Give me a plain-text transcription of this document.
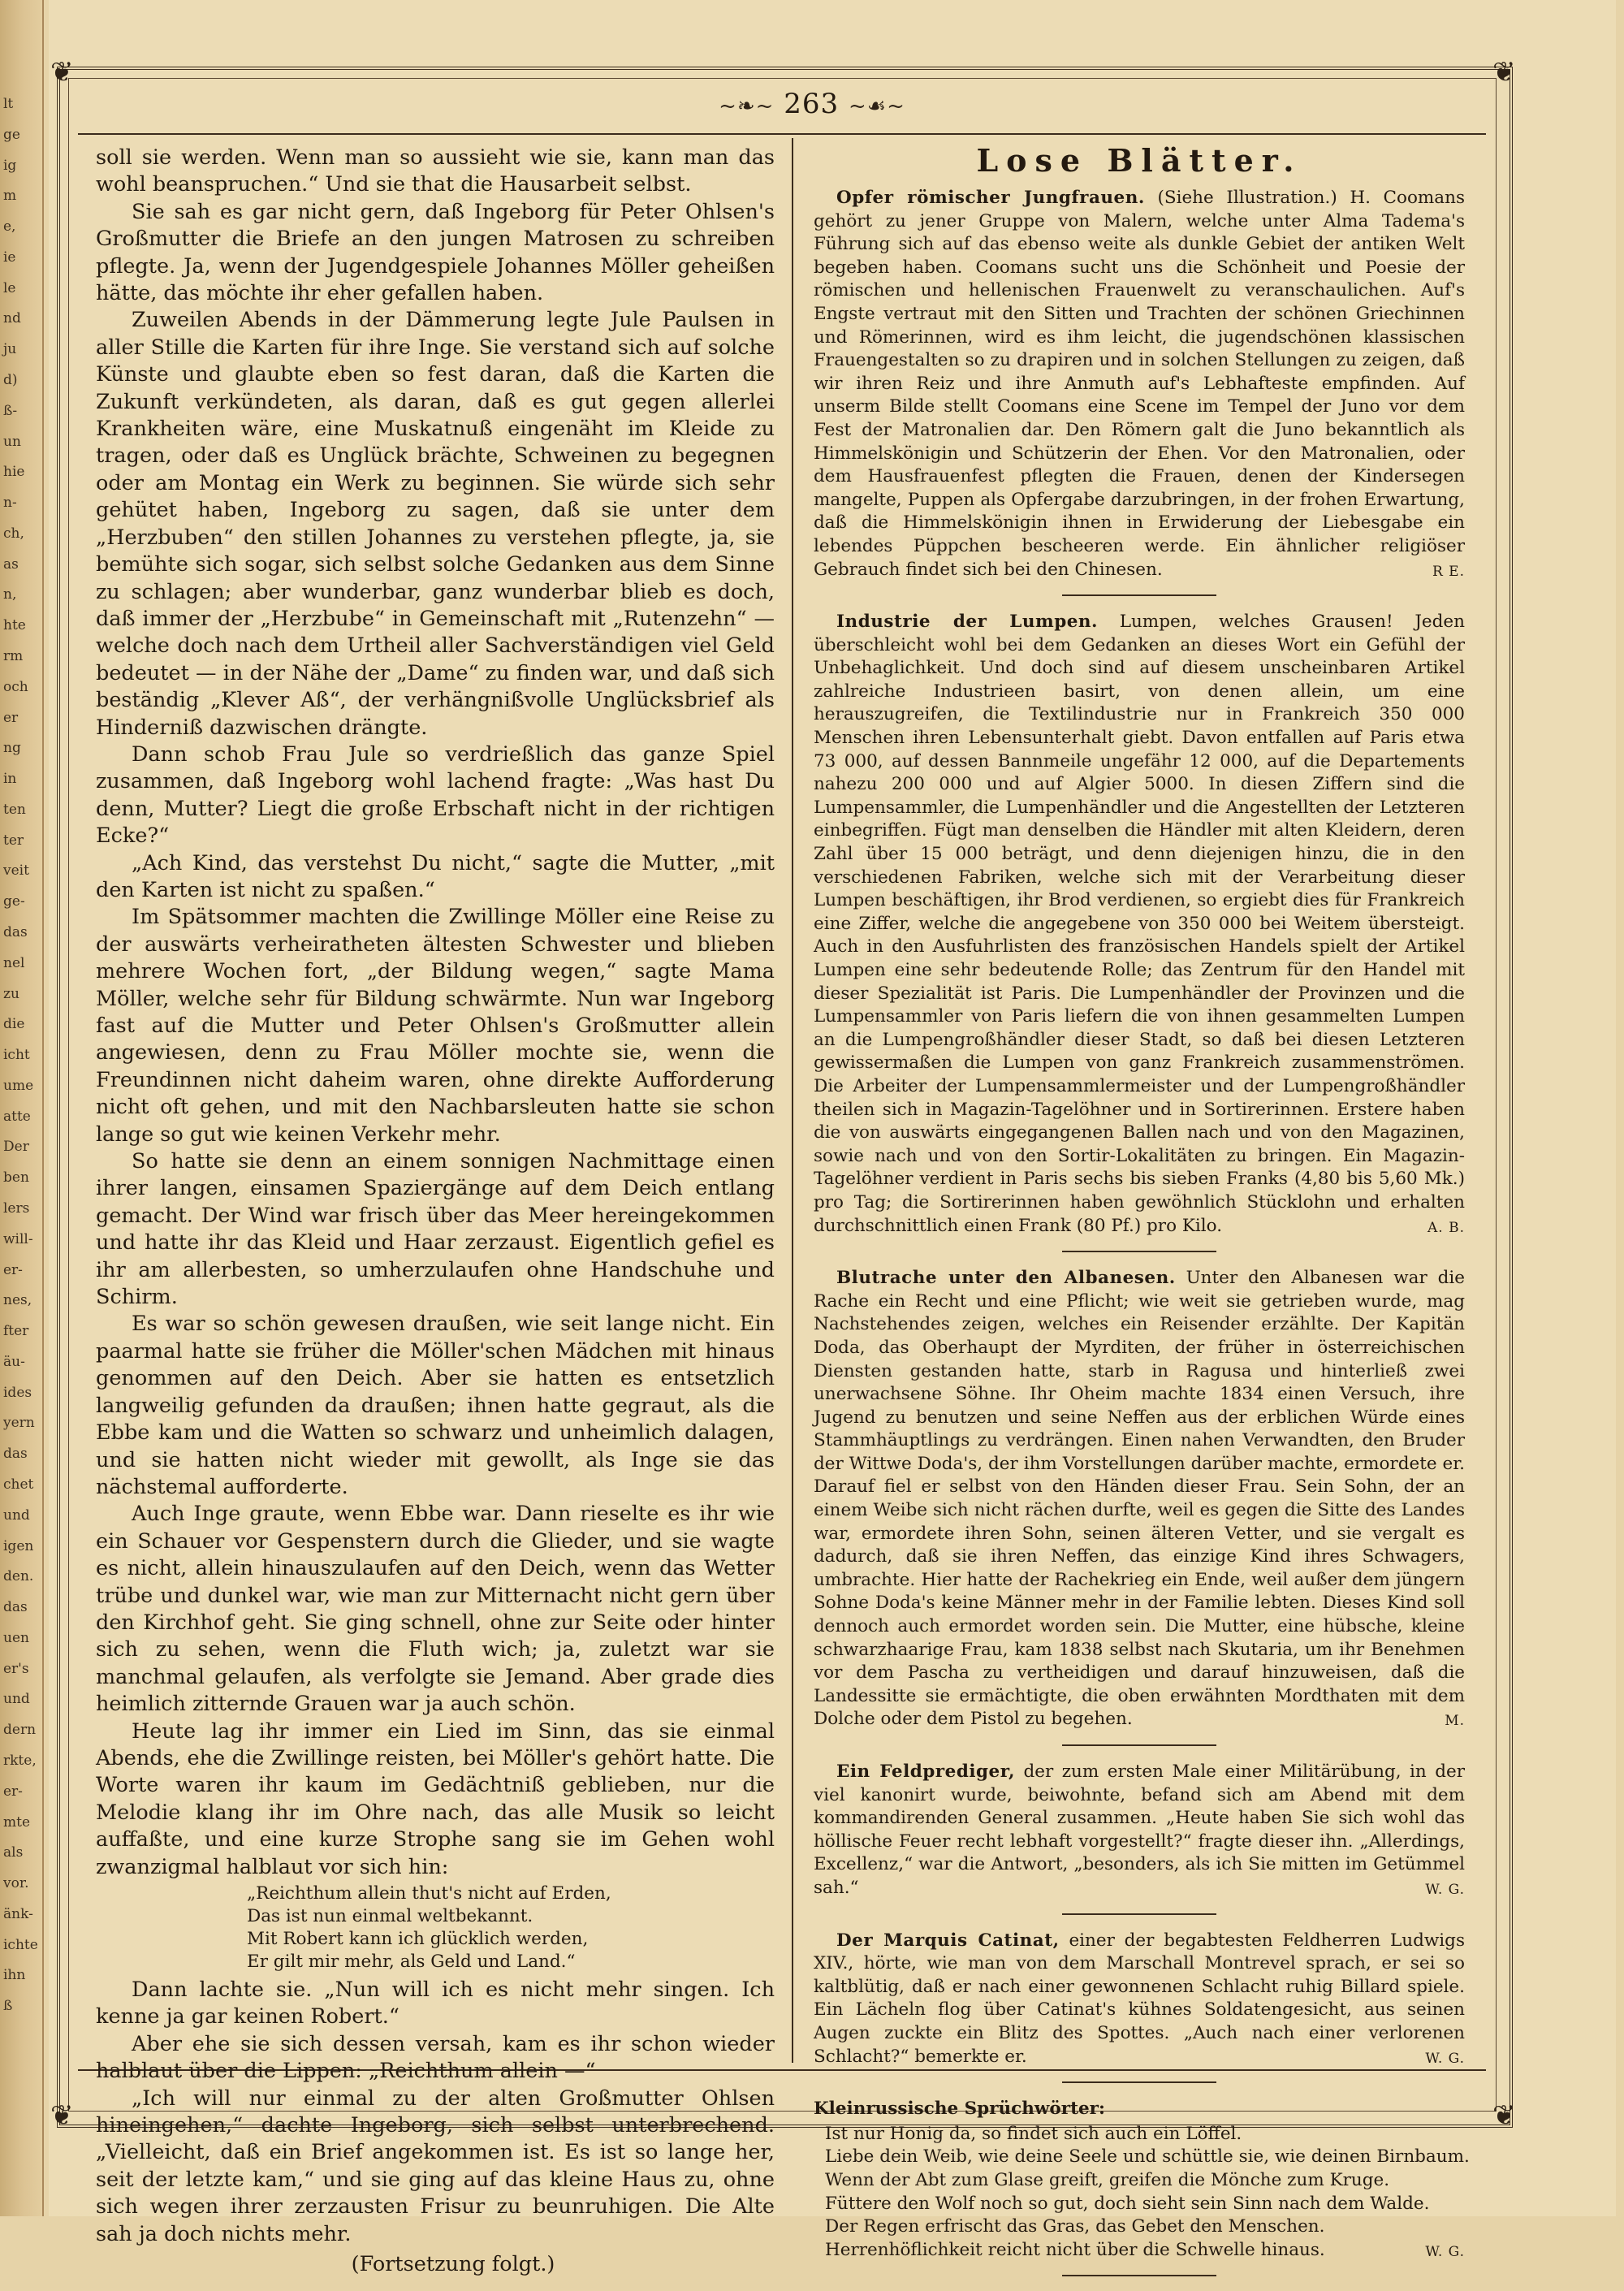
lt
ge
ig
m
e,
ie
le
nd
ju
d)
ß-
un
hie
n-
ch,
as
n,
hte
rm
och
er
ng
in
ten
ter
veit
ge-
das
nel
zu
die
icht
ume
atte
Der
ben
lers
will-
er-
nes,
fter
äu-
ides
yern
das
chet
und
igen
den.
das
uen
er's
und
dern
rkte,
er-
mte
als
vor.
änk-
ichte
ihn
ß
❦	❦
❦	❦
~❧~ 263 ~☙~

soll sie werden. Wenn man so aussieht wie sie, kann man das wohl beanspruchen.“ Und sie that die Hausarbeit selbst.

Sie sah es gar nicht gern, daß Ingeborg für Peter Ohlsen's Großmutter die Briefe an den jungen Matrosen zu schreiben pflegte. Ja, wenn der Jugendgespiele Johannes Möller geheißen hätte, das möchte ihr eher gefallen haben.

Zuweilen Abends in der Dämmerung legte Jule Paulsen in aller Stille die Karten für ihre Inge. Sie verstand sich auf solche Künste und glaubte eben so fest daran, daß die Karten die Zukunft verkündeten, als daran, daß es gut gegen allerlei Krankheiten wäre, eine Muskatnuß eingenäht im Kleide zu tragen, oder daß es Unglück brächte, Schweinen zu begegnen oder am Montag ein Werk zu beginnen. Sie würde sich sehr gehütet haben, Ingeborg zu sagen, daß sie unter dem „Herzbuben“ den stillen Johannes zu verstehen pflegte, ja, sie bemühte sich sogar, sich selbst solche Gedanken aus dem Sinne zu schlagen; aber wunderbar, ganz wunderbar blieb es doch, daß immer der „Herzbube“ in Gemeinschaft mit „Rutenzehn“ — welche doch nach dem Urtheil aller Sachverständigen viel Geld bedeutet — in der Nähe der „Dame“ zu finden war, und daß sich beständig „Klever Aß“, der verhängnißvolle Unglücksbrief als Hinderniß dazwischen drängte.

Dann schob Frau Jule so verdrießlich das ganze Spiel zusammen, daß Ingeborg wohl lachend fragte: „Was hast Du denn, Mutter? Liegt die große Erbschaft nicht in der richtigen Ecke?“

„Ach Kind, das verstehst Du nicht,“ sagte die Mutter, „mit den Karten ist nicht zu spaßen.“

Im Spätsommer machten die Zwillinge Möller eine Reise zu der auswärts verheiratheten ältesten Schwester und blieben mehrere Wochen fort, „der Bildung wegen,“ sagte Mama Möller, welche sehr für Bildung schwärmte. Nun war Ingeborg fast auf die Mutter und Peter Ohlsen's Großmutter allein angewiesen, denn zu Frau Möller mochte sie, wenn die Freundinnen nicht daheim waren, ohne direkte Aufforderung nicht oft gehen, und mit den Nachbarsleuten hatte sie schon lange so gut wie keinen Verkehr mehr.

So hatte sie denn an einem sonnigen Nachmittage einen ihrer langen, einsamen Spaziergänge auf dem Deich entlang gemacht. Der Wind war frisch über das Meer hereingekommen und hatte ihr das Kleid und Haar zerzaust. Eigentlich gefiel es ihr am allerbesten, so umherzulaufen ohne Handschuhe und Schirm.

Es war so schön gewesen draußen, wie seit lange nicht. Ein paarmal hatte sie früher die Möller'schen Mädchen mit hinaus genommen auf den Deich. Aber sie hatten es entsetzlich langweilig gefunden da draußen; ihnen hatte gegraut, als die Ebbe kam und die Watten so schwarz und unheimlich dalagen, und sie hatten nicht wieder mit gewollt, als Inge sie das nächstemal aufforderte.

Auch Inge graute, wenn Ebbe war. Dann rieselte es ihr wie ein Schauer vor Gespenstern durch die Glieder, und sie wagte es nicht, allein hinauszulaufen auf den Deich, wenn das Wetter trübe und dunkel war, wie man zur Mitternacht nicht gern über den Kirchhof geht. Sie ging schnell, ohne zur Seite oder hinter sich zu sehen, wenn die Fluth wich; ja, zuletzt war sie manchmal gelaufen, als verfolgte sie Jemand. Aber grade dies heimlich zitternde Grauen war ja auch schön.

Heute lag ihr immer ein Lied im Sinn, das sie einmal Abends, ehe die Zwillinge reisten, bei Möller's gehört hatte. Die Worte waren ihr kaum im Gedächtniß geblieben, nur die Melodie klang ihr im Ohre nach, das alle Musik so leicht auffaßte, und eine kurze Strophe sang sie im Gehen wohl zwanzigmal halblaut vor sich hin:

„Reichthum allein thut's nicht auf Erden,
Das ist nun einmal weltbekannt.
Mit Robert kann ich glücklich werden,
Er gilt mir mehr, als Geld und Land.“

Dann lachte sie. „Nun will ich es nicht mehr singen. Ich kenne ja gar keinen Robert.“

Aber ehe sie sich dessen versah, kam es ihr schon wieder halblaut über die Lippen: „Reichthum allein —“

„Ich will nur einmal zu der alten Großmutter Ohlsen hineingehen,“ dachte Ingeborg, sich selbst unterbrechend. „Vielleicht, daß ein Brief angekommen ist. Es ist so lange her, seit der letzte kam,“ und sie ging auf das kleine Haus zu, ohne sich wegen ihrer zerzausten Frisur zu beunruhigen. Die Alte sah ja doch nichts mehr.

(Fortsetzung folgt.)

Lose Blätter.

Opfer römischer Jungfrauen. (Siehe Illustration.) H. Coomans gehört zu jener Gruppe von Malern, welche unter Alma Tadema's Führung sich auf das ebenso weite als dunkle Gebiet der antiken Welt begeben haben. Coomans sucht uns die Schönheit und Poesie der römischen und hellenischen Frauenwelt zu veranschaulichen. Auf's Engste vertraut mit den Sitten und Trachten der schönen Griechinnen und Römerinnen, wird es ihm leicht, die jugendschönen klassischen Frauengestalten so zu drapiren und in solchen Stellungen zu zeigen, daß wir ihren Reiz und ihre Anmuth auf's Lebhafteste empfinden. Auf unserm Bilde stellt Coomans eine Scene im Tempel der Juno vor dem Fest der Matronalien dar. Den Römern galt die Juno bekanntlich als Himmelskönigin und Schützerin der Ehen. Vor den Matronalien, oder dem Hausfrauenfest pflegten die Frauen, denen der Kindersegen mangelte, Puppen als Opfergabe darzubringen, in der frohen Erwartung, daß die Himmelskönigin ihnen in Erwiderung der Liebesgabe ein lebendes Püppchen bescheeren werde. Ein ähnlicher religiöser Gebrauch findet sich bei den Chinesen.	R E.

Industrie der Lumpen. Lumpen, welches Grausen! Jeden überschleicht wohl bei dem Gedanken an dieses Wort ein Gefühl der Unbehaglichkeit. Und doch sind auf diesem unscheinbaren Artikel zahlreiche Industrieen basirt, von denen allein, um eine herauszugreifen, die Textilindustrie nur in Frankreich 350 000 Menschen ihren Lebensunterhalt giebt. Davon entfallen auf Paris etwa 73 000, auf dessen Bannmeile ungefähr 12 000, auf die Departements nahezu 200 000 und auf Algier 5000. In diesen Ziffern sind die Lumpensammler, die Lumpenhändler und die Angestellten der Letzteren einbegriffen. Fügt man denselben die Händler mit alten Kleidern, deren Zahl über 15 000 beträgt, und denn diejenigen hinzu, die in den verschiedenen Fabriken, welche sich mit der Verarbeitung dieser Lumpen beschäftigen, ihr Brod verdienen, so ergiebt dies für Frankreich eine Ziffer, welche die angegebene von 350 000 bei Weitem übersteigt. Auch in den Ausfuhrlisten des französischen Handels spielt der Artikel Lumpen eine sehr bedeutende Rolle; das Zentrum für den Handel mit dieser Spezialität ist Paris. Die Lumpenhändler der Provinzen und die Lumpensammler von Paris liefern die von ihnen gesammelten Lumpen an die Lumpengroßhändler dieser Stadt, so daß bei diesen Letzteren gewissermaßen die Lumpen von ganz Frankreich zusammenströmen. Die Arbeiter der Lumpensammlermeister und der Lumpengroßhändler theilen sich in Magazin-Tagelöhner und in Sortirerinnen. Erstere haben die von auswärts eingegangenen Ballen nach und von den Magazinen, sowie nach und von den Sortir-Lokalitäten zu bringen. Ein Magazin-Tagelöhner verdient in Paris sechs bis sieben Franks (4,80 bis 5,60 Mk.) pro Tag; die Sortirerinnen haben gewöhnlich Stücklohn und erhalten durchschnittlich einen Frank (80 Pf.) pro Kilo.	A. B.

Blutrache unter den Albanesen. Unter den Albanesen war die Rache ein Recht und eine Pflicht; wie weit sie getrieben wurde, mag Nachstehendes zeigen, welches ein Reisender erzählte. Der Kapitän Doda, das Oberhaupt der Myrditen, der früher in österreichischen Diensten gestanden hatte, starb in Ragusa und hinterließ zwei unerwachsene Söhne. Ihr Oheim machte 1834 einen Versuch, ihre Jugend zu benutzen und seine Neffen aus der erblichen Würde eines Stammhäuptlings zu verdrängen. Einen nahen Verwandten, den Bruder der Wittwe Doda's, der ihm Vorstellungen darüber machte, ermordete er. Darauf fiel er selbst von den Händen dieser Frau. Sein Sohn, der an einem Weibe sich nicht rächen durfte, weil es gegen die Sitte des Landes war, ermordete ihren Sohn, seinen älteren Vetter, und sie vergalt es dadurch, daß sie ihren Neffen, das einzige Kind ihres Schwagers, umbrachte. Hier hatte der Rachekrieg ein Ende, weil außer dem jüngern Sohne Doda's keine Männer mehr in der Familie lebten. Dieses Kind soll dennoch auch ermordet worden sein. Die Mutter, eine hübsche, kleine schwarzhaarige Frau, kam 1838 selbst nach Skutaria, um ihr Benehmen vor dem Pascha zu vertheidigen und darauf hinzuweisen, daß die Landessitte sie ermächtigte, die oben erwähnten Mordthaten mit dem Dolche oder dem Pistol zu begehen.	M.

Ein Feldprediger, der zum ersten Male einer Militärübung, in der viel kanonirt wurde, beiwohnte, befand sich am Abend mit dem kommandirenden General zusammen. „Heute haben Sie sich wohl das höllische Feuer recht lebhaft vorgestellt?“ fragte dieser ihn. „Allerdings, Excellenz,“ war die Antwort, „besonders, als ich Sie mitten im Getümmel sah.“	W. G.

Der Marquis Catinat, einer der begabtesten Feldherren Ludwigs XIV., hörte, wie man von dem Marschall Montrevel sprach, er sei so kaltblütig, daß er nach einer gewonnenen Schlacht ruhig Billard spiele. Ein Lächeln flog über Catinat's kühnes Soldatengesicht, aus seinen Augen zuckte ein Blitz des Spottes. „Auch nach einer verlorenen Schlacht?“ bemerkte er.	W. G.

Kleinrussische Sprüchwörter:
Ist nur Honig da, so findet sich auch ein Löffel.
Liebe dein Weib, wie deine Seele und schüttle sie, wie deinen Birnbaum.
Wenn der Abt zum Glase greift, greifen die Mönche zum Kruge.
Füttere den Wolf noch so gut, doch sieht sein Sinn nach dem Walde.
Der Regen erfrischt das Gras, das Gebet den Menschen.
Herrenhöflichkeit reicht nicht über die Schwelle hinaus.	W. G.
